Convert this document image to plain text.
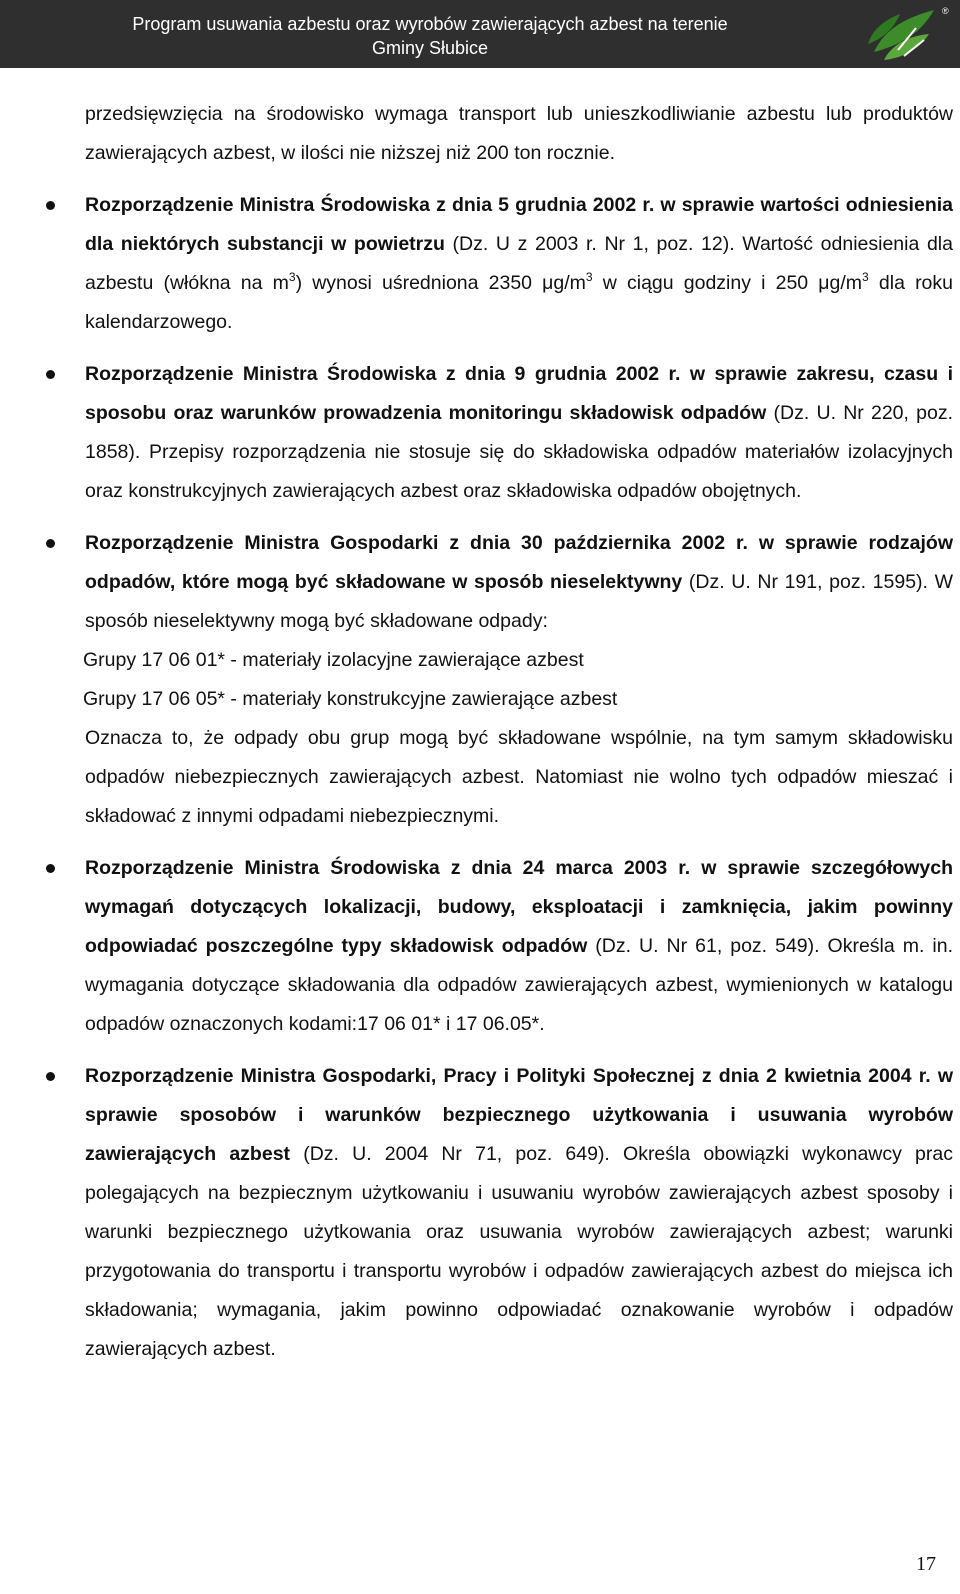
Program usuwania azbestu oraz wyrobów zawierających azbest na terenie
Gminy Słubice
®

przedsięwzięcia na środowisko wymaga transport lub unieszkodliwianie azbestu lub produktów zawierających azbest, w ilości nie niższej niż 200 ton rocznie.

Rozporządzenie Ministra Środowiska z dnia 5 grudnia 2002 r. w sprawie wartości odniesienia dla niektórych substancji w powietrzu (Dz. U z 2003 r. Nr 1, poz. 12). Wartość odniesienia dla azbestu (włókna na $m^3$) wynosi uśredniona 2350 $\mu g/m^3$ w ciągu godziny i 250 $\mu g/m^3$ dla roku kalendarzowego.

Rozporządzenie Ministra Środowiska z dnia 9 grudnia 2002 r. w sprawie zakresu, czasu i sposobu oraz warunków prowadzenia monitoringu składowisk odpadów (Dz. U. Nr 220, poz. 1858). Przepisy rozporządzenia nie stosuje się do składowiska odpadów materiałów izolacyjnych oraz konstrukcyjnych zawierających azbest oraz składowiska odpadów obojętnych.

Rozporządzenie Ministra Gospodarki z dnia 30 października 2002 r. w sprawie rodzajów odpadów, które mogą być składowane w sposób nieselektywny (Dz. U. Nr 191, poz. 1595). W sposób nieselektywny mogą być składowane odpady:

Grupy 17 06 01* - materiały izolacyjne zawierające azbest

Grupy 17 06 05* - materiały konstrukcyjne zawierające azbest

Oznacza to, że odpady obu grup mogą być składowane wspólnie, na tym samym składowisku odpadów niebezpiecznych zawierających azbest. Natomiast nie wolno tych odpadów mieszać i składować z innymi odpadami niebezpiecznymi.

Rozporządzenie Ministra Środowiska z dnia 24 marca 2003 r. w sprawie szczegółowych wymagań dotyczących lokalizacji, budowy, eksploatacji i zamknięcia, jakim powinny odpowiadać poszczególne typy składowisk odpadów (Dz. U. Nr 61, poz. 549). Określa m. in. wymagania dotyczące składowania dla odpadów zawierających azbest, wymienionych w katalogu odpadów oznaczonych kodami:17 06 01* i 17 06.05*.

Rozporządzenie Ministra Gospodarki, Pracy i Polityki Społecznej z dnia 2 kwietnia 2004 r. w sprawie sposobów i warunków bezpiecznego użytkowania i usuwania wyrobów zawierających azbest (Dz. U. 2004 Nr 71, poz. 649). Określa obowiązki wykonawcy prac polegających na bezpiecznym użytkowaniu i usuwaniu wyrobów zawierających azbest sposoby i warunki bezpiecznego użytkowania oraz usuwania wyrobów zawierających azbest; warunki przygotowania do transportu i transportu wyrobów i odpadów zawierających azbest do miejsca ich składowania; wymagania, jakim powinno odpowiadać oznakowanie wyrobów i odpadów zawierających azbest.

17
